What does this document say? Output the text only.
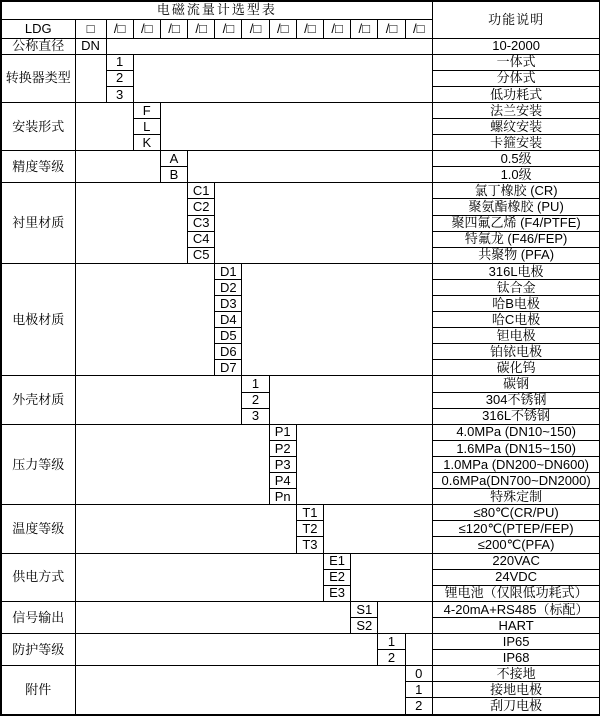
电磁流量计选型表														功能说明
LDG	□	/□	/□	/□	/□	/□	/□	/□	/□	/□	/□	/□	/□	
公称直径	DN													10-2000
转换器类型		1												一体式
		2												分体式
		3												低功耗式
安装形式			F											法兰安装
			L											螺纹安装
			K											卡箍安装
精度等级				A										0.5级
				B										1.0级
衬里材质					C1									氯丁橡胶 (CR)
					C2									聚氨酯橡胶 (PU)
					C3									聚四氟乙烯 (F4/PTFE)
					C4									特氟龙 (F46/FEP)
					C5									共聚物 (PFA)
电极材质						D1								316L电极
						D2								钛合金
						D3								哈B电极
						D4								哈C电极
						D5								钽电极
						D6								铂铱电极
						D7								碳化钨
外壳材质							1							碳钢
							2							304不锈钢
							3							316L不锈钢
压力等级								P1						4.0MPa (DN10~150)
								P2						1.6MPa (DN15~150)
								P3						1.0MPa (DN200~DN600)
								P4						0.6MPa(DN700~DN2000)
								Pn						特殊定制
温度等级									T1					≤80℃(CR/PU)
									T2					≤120℃(PTEP/FEP)
									T3					≤200℃(PFA)
供电方式										E1				220VAC
										E2				24VDC
										E3				锂电池（仅限低功耗式）
信号输出											S1			4-20mA+RS485（标配）
											S2			HART
防护等级												1		IP65
												2		IP68
附件													0	不接地
													1	接地电极
													2	刮刀电极
